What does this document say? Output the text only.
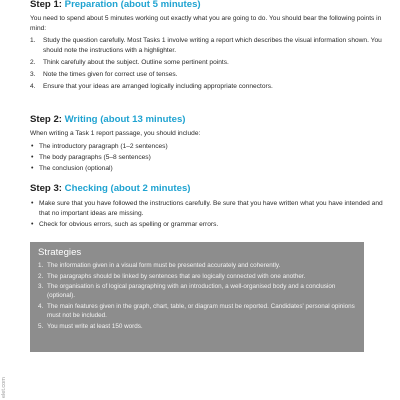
Step 1: Preparation (about 5 minutes)

You need to spend about 5 minutes working out exactly what you are going to do. You should bear the following points in mind:

1. Study the question carefully. Most Tasks 1 involve writing a report which describes the visual information shown. You should note the instructions with a highlighter.
2. Think carefully about the subject. Outline some pertinent points.
3. Note the times given for correct use of tenses.
4. Ensure that your ideas are arranged logically including appropriate connectors.
Step 2: Writing (about 13 minutes)

When writing a Task 1 report passage, you should include:

• The introductory paragraph (1–2 sentences)
• The body paragraphs (5–8 sentences)
• The conclusion (optional)
Step 3: Checking (about 2 minutes)
• Make sure that you have followed the instructions carefully. Be sure that you have written what you have intended and that no important ideas are missing.
• Check for obvious errors, such as spelling or grammar errors.
Strategies
1. The information given in a visual form must be presented accurately and coherently.
2. The paragraphs should be linked by sentences that are logically connected with one another.
3. The organisation is of logical paragraphing with an introduction, a well-organised body and a conclusion (optional).
4. The main features given in the graph, chart, table, or diagram must be reported. Candidates' personal opinions must not be included.
5. You must write at least 150 words.
elet.com
